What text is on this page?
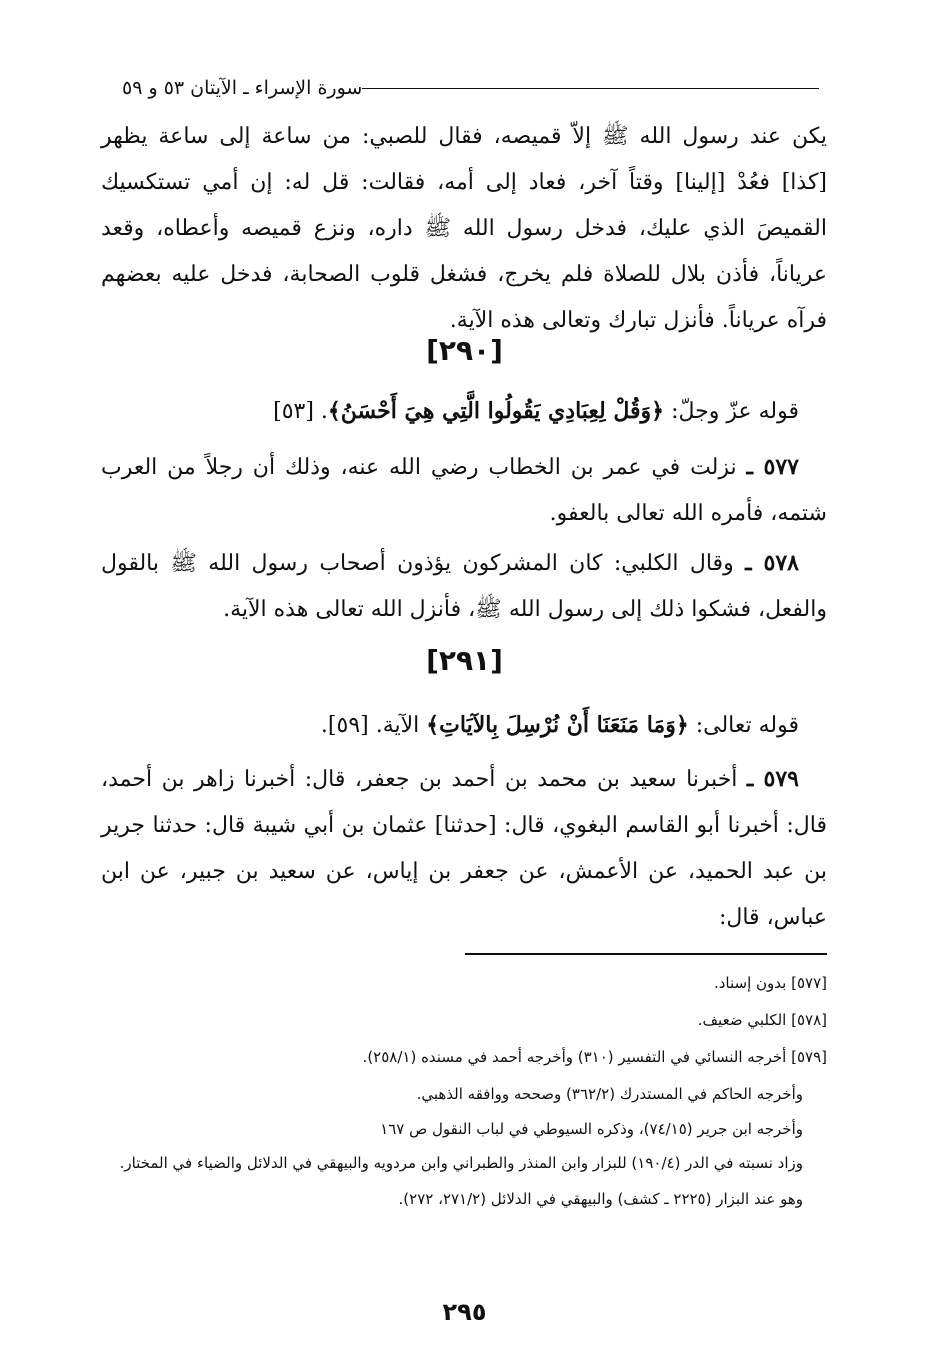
سورة الإسراء ـ الآيتان ٥٣ و ٥٩
يكن عند رسول الله ﷺ إلاّ قميصه، فقال للصبي: من ساعة إلى ساعة يظهر [كذا] فعُدْ [إلينا] وقتاً آخر، فعاد إلى أمه، فقالت: قل له: إن أمي تستكسيك القميصَ الذي عليك، فدخل رسول الله ﷺ داره، ونزع قميصه وأعطاه، وقعد عرياناً، فأذن بلال للصلاة فلم يخرج، فشغل قلوب الصحابة، فدخل عليه بعضهم فرآه عرياناً. فأنزل تبارك وتعالى هذه الآية.
[٢٩٠]
قوله عزّ وجلّ: ﴿وَقُلْ لِعِبَادِي يَقُولُوا الَّتِي هِيَ أَحْسَنُ﴾. [٥٣]
٥٧٧ ـ نزلت في عمر بن الخطاب رضي الله عنه، وذلك أن رجلاً من العرب شتمه، فأمره الله تعالى بالعفو.
٥٧٨ ـ وقال الكلبي: كان المشركون يؤذون أصحاب رسول الله ﷺ بالقول والفعل، فشكوا ذلك إلى رسول الله ﷺ، فأنزل الله تعالى هذه الآية.
[٢٩١]
قوله تعالى: ﴿وَمَا مَنَعَنَا أَنْ نُرْسِلَ بِالآيَاتِ﴾ الآية. [٥٩].
٥٧٩ ـ أخبرنا سعيد بن محمد بن أحمد بن جعفر، قال: أخبرنا زاهر بن أحمد، قال: أخبرنا أبو القاسم البغوي، قال: [حدثنا] عثمان بن أبي شيبة قال: حدثنا جرير بن عبد الحميد، عن الأعمش، عن جعفر بن إياس، عن سعيد بن جبير، عن ابن عباس، قال:

[٥٧٧] بدون إسناد.

[٥٧٨] الكلبي ضعيف.

[٥٧٩] أخرجه النسائي في التفسير (٣١٠) وأخرجه أحمد في مسنده (٢٥٨/١).

وأخرجه الحاكم في المستدرك (٣٦٢/٢) وصححه ووافقه الذهبي.

وأخرجه ابن جرير (٧٤/١٥)، وذكره السيوطي في لباب النقول ص ١٦٧

وزاد نسبته في الدر (١٩٠/٤) للبزار وابن المنذر والطبراني وابن مردويه والبيهقي في الدلائل والضياء في المختار.

وهو عند البزار (٢٢٢٥ ـ كشف) والبيهقي في الدلائل (٢٧١/٢، ٢٧٢).

٢٩٥
